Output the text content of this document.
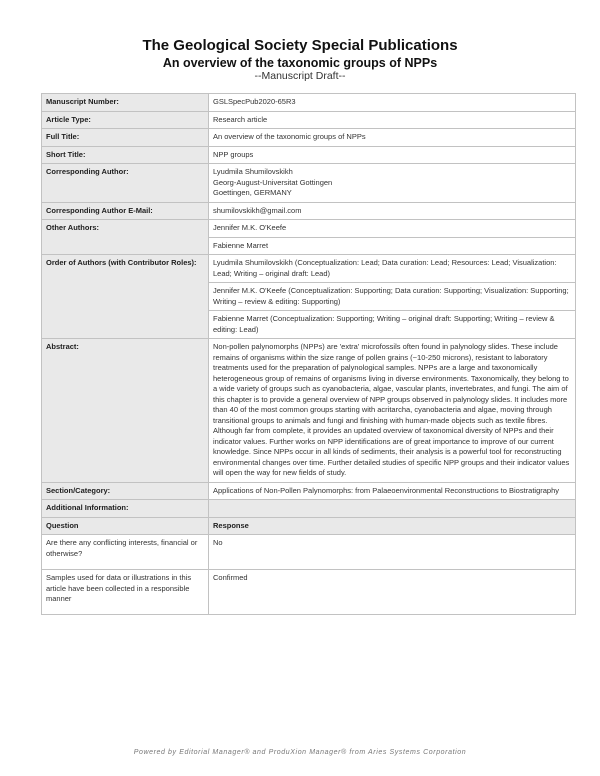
The Geological Society Special Publications
An overview of the taxonomic groups of NPPs
--Manuscript Draft--
Manuscript Number:	GSLSpecPub2020-65R3
Article Type:	Research article
Full Title:	An overview of the taxonomic groups of NPPs
Short Title:	NPP groups
Corresponding Author:	Lyudmila Shumilovskikh
Georg-August-Universitat Gottingen
Goettingen, GERMANY

Corresponding Author E-Mail:	shumilovskikh@gmail.com
Other Authors:	Jennifer M.K. O'Keefe
	Fabienne Marret
Order of Authors (with Contributor Roles):	Lyudmila Shumilovskikh (Conceptualization: Lead; Data curation: Lead; Resources: Lead; Visualization: Lead; Writing – original draft: Lead)
	Jennifer M.K. O'Keefe (Conceptualization: Supporting; Data curation: Supporting; Visualization: Supporting; Writing – review & editing: Supporting)
	Fabienne Marret (Conceptualization: Supporting; Writing – original draft: Supporting; Writing – review & editing: Lead)
Abstract:	Non-pollen palynomorphs (NPPs) are 'extra' microfossils often found in palynology slides. These include remains of organisms within the size range of pollen grains (~10-250 microns), resistant to laboratory treatments used for the preparation of palynological samples. NPPs are a large and taxonomically heterogeneous group of remains of organisms living in diverse environments. Taxonomically, they belong to a wide variety of groups such as cyanobacteria, algae, vascular plants, invertebrates, and fungi. The aim of this chapter is to provide a general overview of NPP groups observed in palynology slides. It includes more than 40 of the most common groups starting with acritarcha, cyanobacteria and algae, moving through transitional groups to animals and fungi and finishing with human-made objects such as textile fibres. Although far from complete, it provides an updated overview of taxonomical diversity of NPPs and their indicator values. Further works on NPP identifications are of great importance to improve of our current knowledge. Since NPPs occur in all kinds of sediments, their analysis is a powerful tool for reconstructing environmental changes over time. Further detailed studies of specific NPP groups and their indicator values will open the way for new fields of study.
Section/Category:	Applications of Non-Pollen Palynomorphs: from Palaeoenvironmental Reconstructions to Biostratigraphy
Additional Information:	
Question	Response
Are there any conflicting interests, financial or otherwise?	No
Samples used for data or illustrations in this article have been collected in a responsible manner	Confirmed
Powered by Editorial Manager® and ProduXion Manager® from Aries Systems Corporation
